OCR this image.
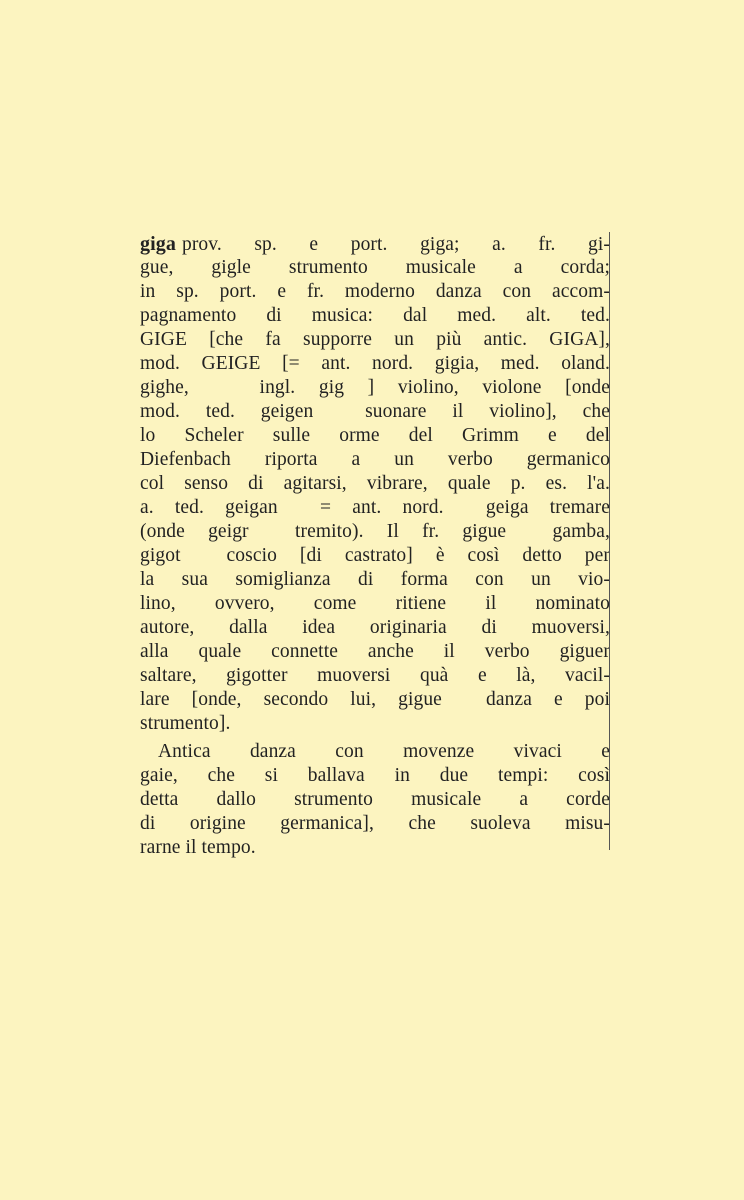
giga prov. sp. e port. giga; a. fr. gi-
gue, gigle strumento musicale a corda;
in sp. port. e fr. moderno danza con accom-
pagnamento di musica: dal med. alt. ted.
GIGE [che fa supporre un più antic. GIGA],
mod. GEIGE [= ant. nord. gigia, med. oland.
gighe,   ingl. gig ] violino, violone [onde
mod. ted. geigen  suonare il violino], che
lo Scheler sulle orme del Grimm e del
Diefenbach riporta a un verbo germanico
col senso di agitarsi, vibrare, quale p. es. l'a.
a. ted. geigan  = ant. nord.  geiga tremare
(onde geigr  tremito). Il fr. gigue  gamba,
gigot  coscio [di castrato] è così detto per
la sua somiglianza di forma con un vio-
lino, ovvero, come ritiene il nominato
autore, dalla idea originaria di muoversi,
alla quale connette anche il verbo giguer
saltare, gigotter muoversi quà e là, vacil-
lare [onde, secondo lui, gigue  danza e poi
strumento].
Antica danza con movenze vivaci e
gaie, che si ballava in due tempi: così
detta dallo strumento musicale a corde
di origine germanica], che suoleva misu-
rarne il tempo.
